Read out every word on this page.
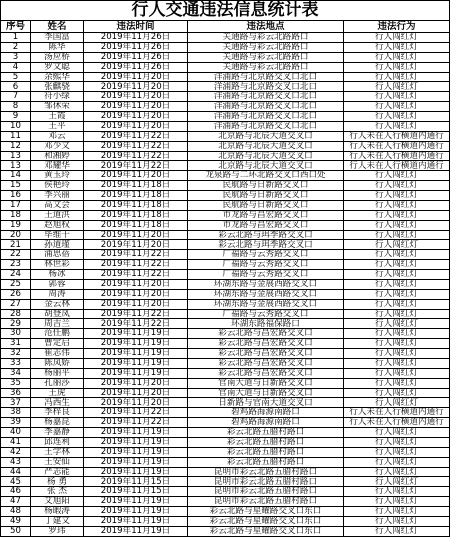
行人交通违法信息统计表
序号	姓名	违法时间	违法地点	违法行为
1	李国富	2019年11月26日	关通路与彩云北路路口	行人闯红灯
2	陈华	2019年11月26日	关通路与彩云北路路口	行人闯红灯
3	汤应桥	2019年11月26日	关通路与彩云北路路口	行人闯红灯
4	罗文聪	2019年11月26日	关通路与彩云北路路口	行人闯红灯
5	余熙华	2019年11月20日	洋浦路与北京路交叉口北口	行人闯红灯
6	张麒骁	2019年11月20日	洋浦路与北京路交叉口北口	行人闯红灯
7	符小绿	2019年11月20日	洋浦路与北京路交叉口北口	行人闯红灯
8	邹休荣	2019年11月20日	洋浦路与北京路交叉口北口	行人闯红灯
9	王霞	2019年11月20日	洋浦路与北京路交叉口北口	行人闯红灯
10	王平	2019年11月20日	洋浦路与北京路交叉口北口	行人闯红灯
11	邓云	2019年11月22日	北京路与北辰大道交叉口	行人未在人行横道内通行
12	邓少文	2019年11月22日	北京路与北辰大道交叉口	行人未在人行横道内通行
13	和湘婷	2019年11月22日	北京路与北辰大道交叉口	行人未在人行横道内通行
13	邓耀华	2019年11月22日	北京路与北辰大道交叉口	行人未在人行横道内通行
14	黄玉玲	2019年11月20日	龙泉路与二环北路交叉口西口处	行人闯红灯
15	侯艳玲	2019年11月18日	民航路与日新路交叉口	行人闯红灯
16	李兴丽	2019年11月18日	民航路与日新路交叉口	行人闯红灯
17	高文会	2019年11月18日	民航路与日新路交叉口	行人闯红灯
18	王道洪	2019年11月18日	市龙路与昌宏路交叉口	行人闯红灯
19	赵旭权	2019年11月18日	市龙路与昌宏路交叉口	行人闯红灯
20	毕维干	2019年11月20日	彩云北路与珥季路交叉口	行人闯红灯
21	孙道瑾	2019年11月20日	彩云北路与珥季路交叉口	行人闯红灯
22	浦思蓓	2019年11月22日	广福路与云秀路交叉口	行人闯红灯
23	林世彩	2019年11月22日	广福路与云秀路交叉口	行人闯红灯
24	杨冰	2019年11月22日	广福路与云秀路交叉口	行人闯红灯
25	郭蓉	2019年11月20日	环湖东路与金展西路交叉口	行人闯红灯
26	周涛	2019年11月20日	环湖东路与金展西路交叉口	行人闯红灯
27	金云林	2019年11月20日	环湖东路与金展西路交叉口	行人闯红灯
28	胡登凤	2019年11月22日	广福路与云秀路交叉口	行人闯红灯
29	周吉兰	2019年11月22日	环湖东路福保路口	行人闯红灯
30	范任鹏	2019年11月19日	彩云北路与昌宏路交叉口	行人闯红灯
31	曹定启	2019年11月19日	彩云北路与昌宏路交叉口	行人闯红灯
32	崔志伟	2019年11月19日	彩云北路与昌宏路交叉口	行人闯红灯
33	陈凤娇	2019年11月19日	彩云北路与昌宏路交叉口	行人闯红灯
34	杨丽平	2019年11月19日	彩云北路与昌宏路交叉口	行人闯红灯
35	孔丽莎	2019年11月20日	官南大道与日新路交叉口	行人闯红灯
36	王虎	2019年11月20日	官南大道与日新路交叉口	行人闯红灯
37	冯西生	2019年11月20日	日新路与官南大道交叉口	行人闯红灯
38	李梓良	2019年11月22日	碧鸡路海源南路口	行人未在人行横道内通行
39	杨嘉昆	2019年11月22日	碧鸡路海源南路口	行人未在人行横道内通行
40	李嘉静	2019年11月19日	彩云北路五腊村路口	行人闯红灯
41	邱连利	2019年11月19日	彩云北路五腊村路口	行人闯红灯
42	王学林	2019年11月19日	彩云北路五腊村路口	行人闯红灯
43	王安仙	2019年11月19日	彩云北路五腊村路口	行人闯红灯
44	严志能	2019年11月19日	昆明市彩云北路五腊村路口	行人闯红灯
45	杨 勇	2019年11月15日	昆明市彩云北路五腊村路口	行人闯红灯
46	张 杰	2019年11月15日	昆明市彩云北路五腊村路口	行人闯红灯
47	艾旭阳	2019年11月19日	昆明市彩云北路五腊村路口	行人闯红灯
48	杨暇涛	2019年11月19日	彩云北路与星耀路交叉口东口	行人闯红灯
49	丁建文	2019年11月19日	彩云北路与星耀路交叉口东口	行人闯红灯
50	罗玮	2019年11月19日	彩云北路与星耀路交叉口东口	行人闯红灯
